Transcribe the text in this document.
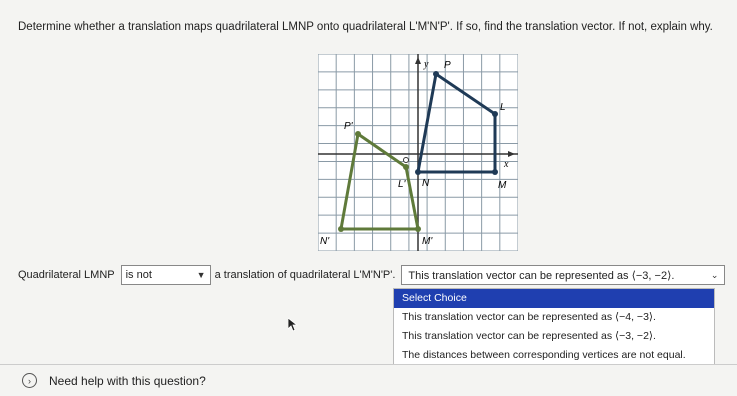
Determine whether a translation maps quadrilateral LMNP onto quadrilateral L'M'N'P'. If so, find the translation vector. If not, explain why.
y
x
L
M
N
P
P'
L'
M'
N'
Quadrilateral LMNP is not	▼ a translation of quadrilateral L'M'N'P'. This translation vector can be represented as ⟨−3, −2⟩.	⌄
Select Choice
This translation vector can be represented as ⟨−4, −3⟩.
This translation vector can be represented as ⟨−3, −2⟩.
The distances between corresponding vertices are not equal.
›	Need help with this question?
